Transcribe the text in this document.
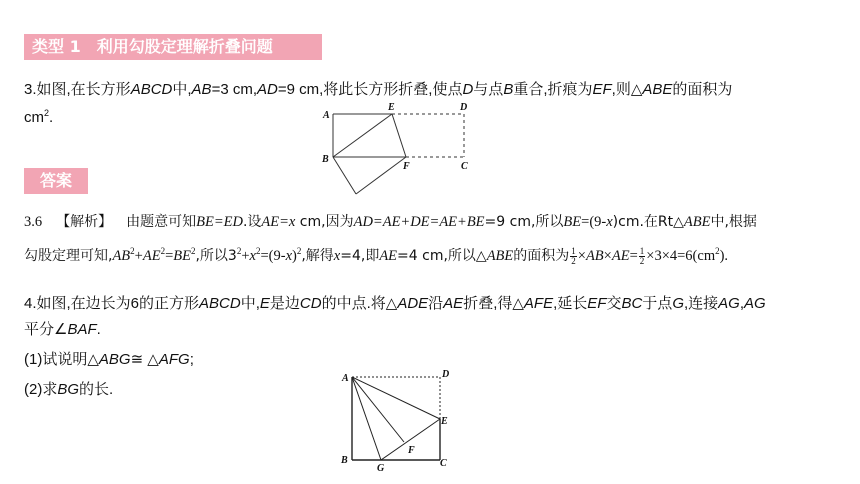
类型 1　利用勾股定理解折叠问题
3.如图,在长方形ABCD中,AB=3 cm,AD=9 cm,将此长方形折叠,使点D与点B重合,折痕为EF,则△ABE的面积为
$cm^2$.
答案
3.6 【解析】 由题意可知BE=ED.设AE=x cm,因为AD=AE+DE=AE+BE=9 cm,所以BE=(9-x)cm.在Rt△ABE中,根据
勾股定理可知$,AB^2+AE^2=BE^2$,所以$3^2+x^2=(9-x)^2$,解得x=4,即AE=4 cm,所以△ABE的面积为 $\frac{1}{2} \times AB\times AE= \frac{1}{2} \times 3\times 4=6(cm^2)$.
4.如图,在边长为6的正方形ABCD中,E是边CD的中点.将△ADE沿AE折叠,得△AFE,延长EF交BC于点G,连接AG,AG
平分∠BAF.
(1)试说明△ABG≅ △AFG;
(2)求BG的长.
A
E	D
B
F	C
A	D
E
F
B
G	C
